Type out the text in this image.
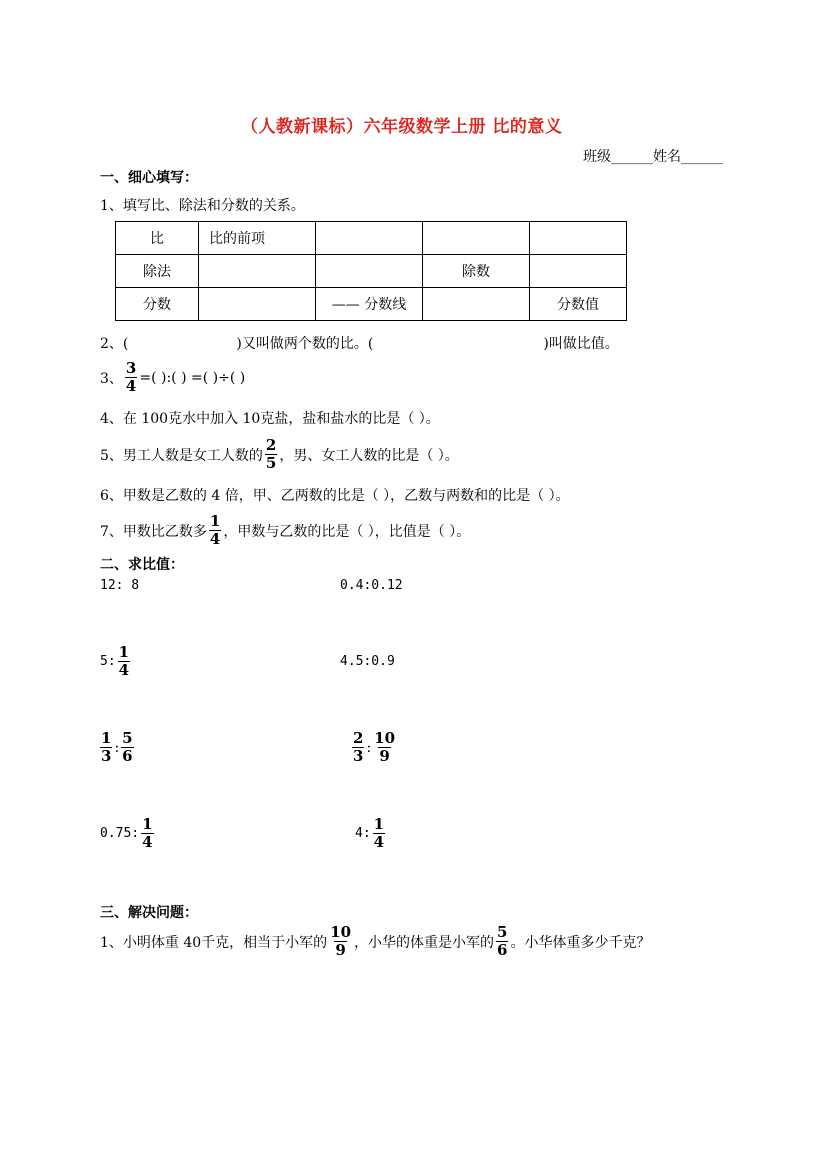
（人教新课标）六年级数学上册 比的意义
班级______姓名______
一、细心填写：
1、填写比、除法和分数的关系。
比	比的前项			
除法			除数	
分数		—— 分数线		分数值
2、(	)又叫做两个数的比。(	)叫做比值。
3、 $\frac{3}{4}$ =( ):( ) =( )÷( )
4、在 100克水中加入 10克盐，盐和盐水的比是（ ）。
5、男工人数是女工人数的 $\frac{2}{5}$ ，男、女工人数的比是（ ）。
6、甲数是乙数的 4 倍，甲、乙两数的比是（ ），乙数与两数和的比是（ ）。
7、甲数比乙数多 $\frac{1}{4}$ ，甲数与乙数的比是（ ），比值是（ ）。
二、求比值：
12: 8	0.4:0.12
5: $\frac{1}{4}$	4.5:0.9
$\frac{1}{3}$ : $\frac{5}{6}$	$\frac{2}{3}$ : $\frac{10}{9}$
0.75: $\frac{1}{4}$	4: $\frac{1}{4}$
三、解决问题：
1、小明体重 40千克，相当于小军的 $\frac{10}{9}$ ，小华的体重是小军的 $\frac{5}{6}$ 。小华体重多少千克？
